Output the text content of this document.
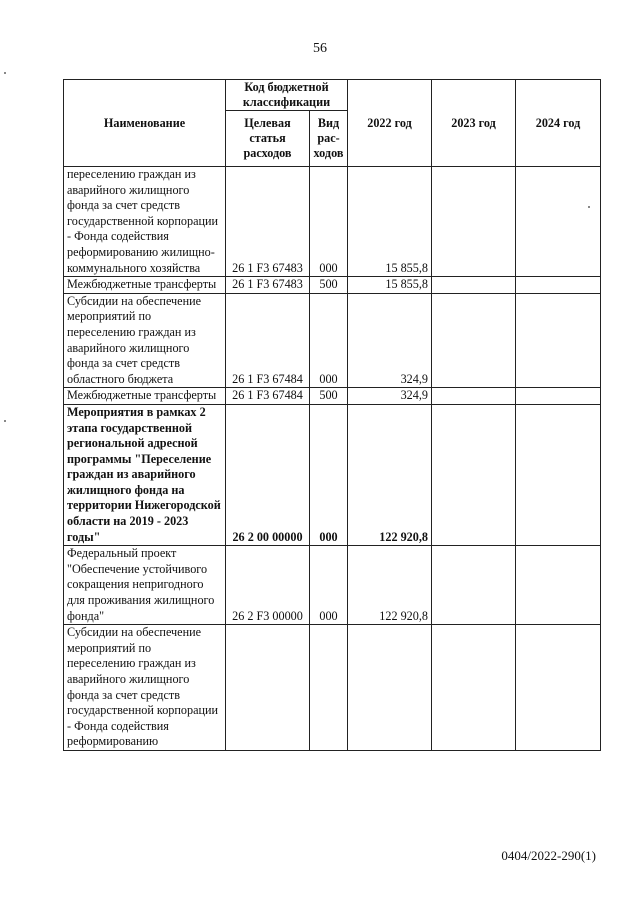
56
Наименование	Код бюджетной классификации		2022 год	2023 год	2024 год
	Целевая статья расходов	Вид рас-ходов			
переселению граждан из аварийного жилищного фонда за счет средств государственной корпорации - Фонда содействия реформированию жилищно-коммунального хозяйства	26 1 F3 67483	000	15 855,8		
Межбюджетные трансферты	26 1 F3 67483	500	15 855,8		
Субсидии на обеспечение мероприятий по переселению граждан из аварийного жилищного фонда за счет средств областного бюджета	26 1 F3 67484	000	324,9		
Межбюджетные трансферты	26 1 F3 67484	500	324,9		
Мероприятия в рамках 2 этапа государственной региональной адресной программы "Переселение граждан из аварийного жилищного фонда на территории Нижегородской области на 2019 - 2023 годы"	26 2 00 00000	000	122 920,8		
Федеральный проект "Обеспечение устойчивого сокращения непригодного для проживания жилищного фонда"	26 2 F3 00000	000	122 920,8		
Субсидии на обеспечение мероприятий по переселению граждан из аварийного жилищного фонда за счет средств государственной корпорации - Фонда содействия реформированию					
0404/2022-290(1)
